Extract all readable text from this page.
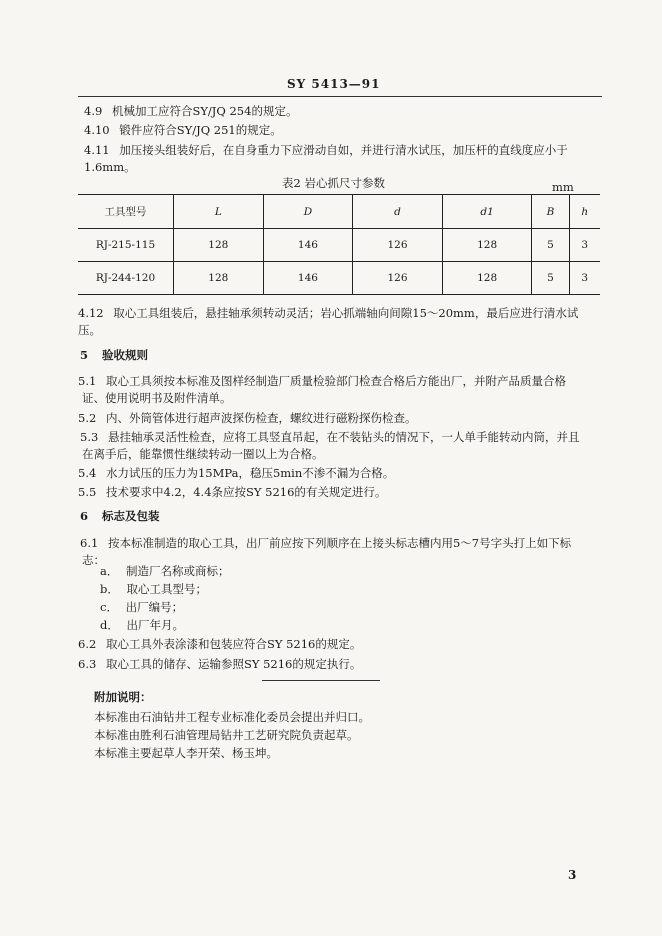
SY 5413—91
4.9 机械加工应符合SY/JQ 254的规定。
4.10 锻件应符合SY/JQ 251的规定。
4.11 加压接头组装好后，在自身重力下应滑动自如，并进行清水试压，加压杆的直线度应小于
1.6mm。
表2 岩心抓尺寸参数	mm
工具型号	L	D	d	d1	B	h
RJ-215-115	128	146	126	128	5	3
RJ-244-120	128	146	126	128	5	3
4.12 取心工具组装后，悬挂轴承须转动灵活；岩心抓端轴向间隙15～20mm，最后应进行清水试
压。
5 验收规则
5.1 取心工具须按本标准及图样经制造厂质量检验部门检查合格后方能出厂，并附产品质量合格
证、使用说明书及附件清单。
5.2 内、外筒管体进行超声波探伤检查，螺纹进行磁粉探伤检查。
5.3 悬挂轴承灵活性检查，应将工具竖直吊起，在不装钻头的情况下，一人单手能转动内筒，并且
在离手后，能靠惯性继续转动一圈以上为合格。
5.4 水力试压的压力为15MPa，稳压5min不渗不漏为合格。
5.5 技术要求中4.2，4.4条应按SY 5216的有关规定进行。
6 标志及包装
6.1 按本标准制造的取心工具，出厂前应按下列顺序在上接头标志槽内用5～7号字头打上如下标
志：
a． 制造厂名称或商标；
b． 取心工具型号；
c． 出厂编号；
d． 出厂年月。
6.2 取心工具外表涂漆和包装应符合SY 5216的规定。
6.3 取心工具的储存、运输参照SY 5216的规定执行。
附加说明：
本标准由石油钻井工程专业标准化委员会提出并归口。
本标准由胜利石油管理局钻井工艺研究院负责起草。
本标准主要起草人李开荣、杨玉坤。
3
